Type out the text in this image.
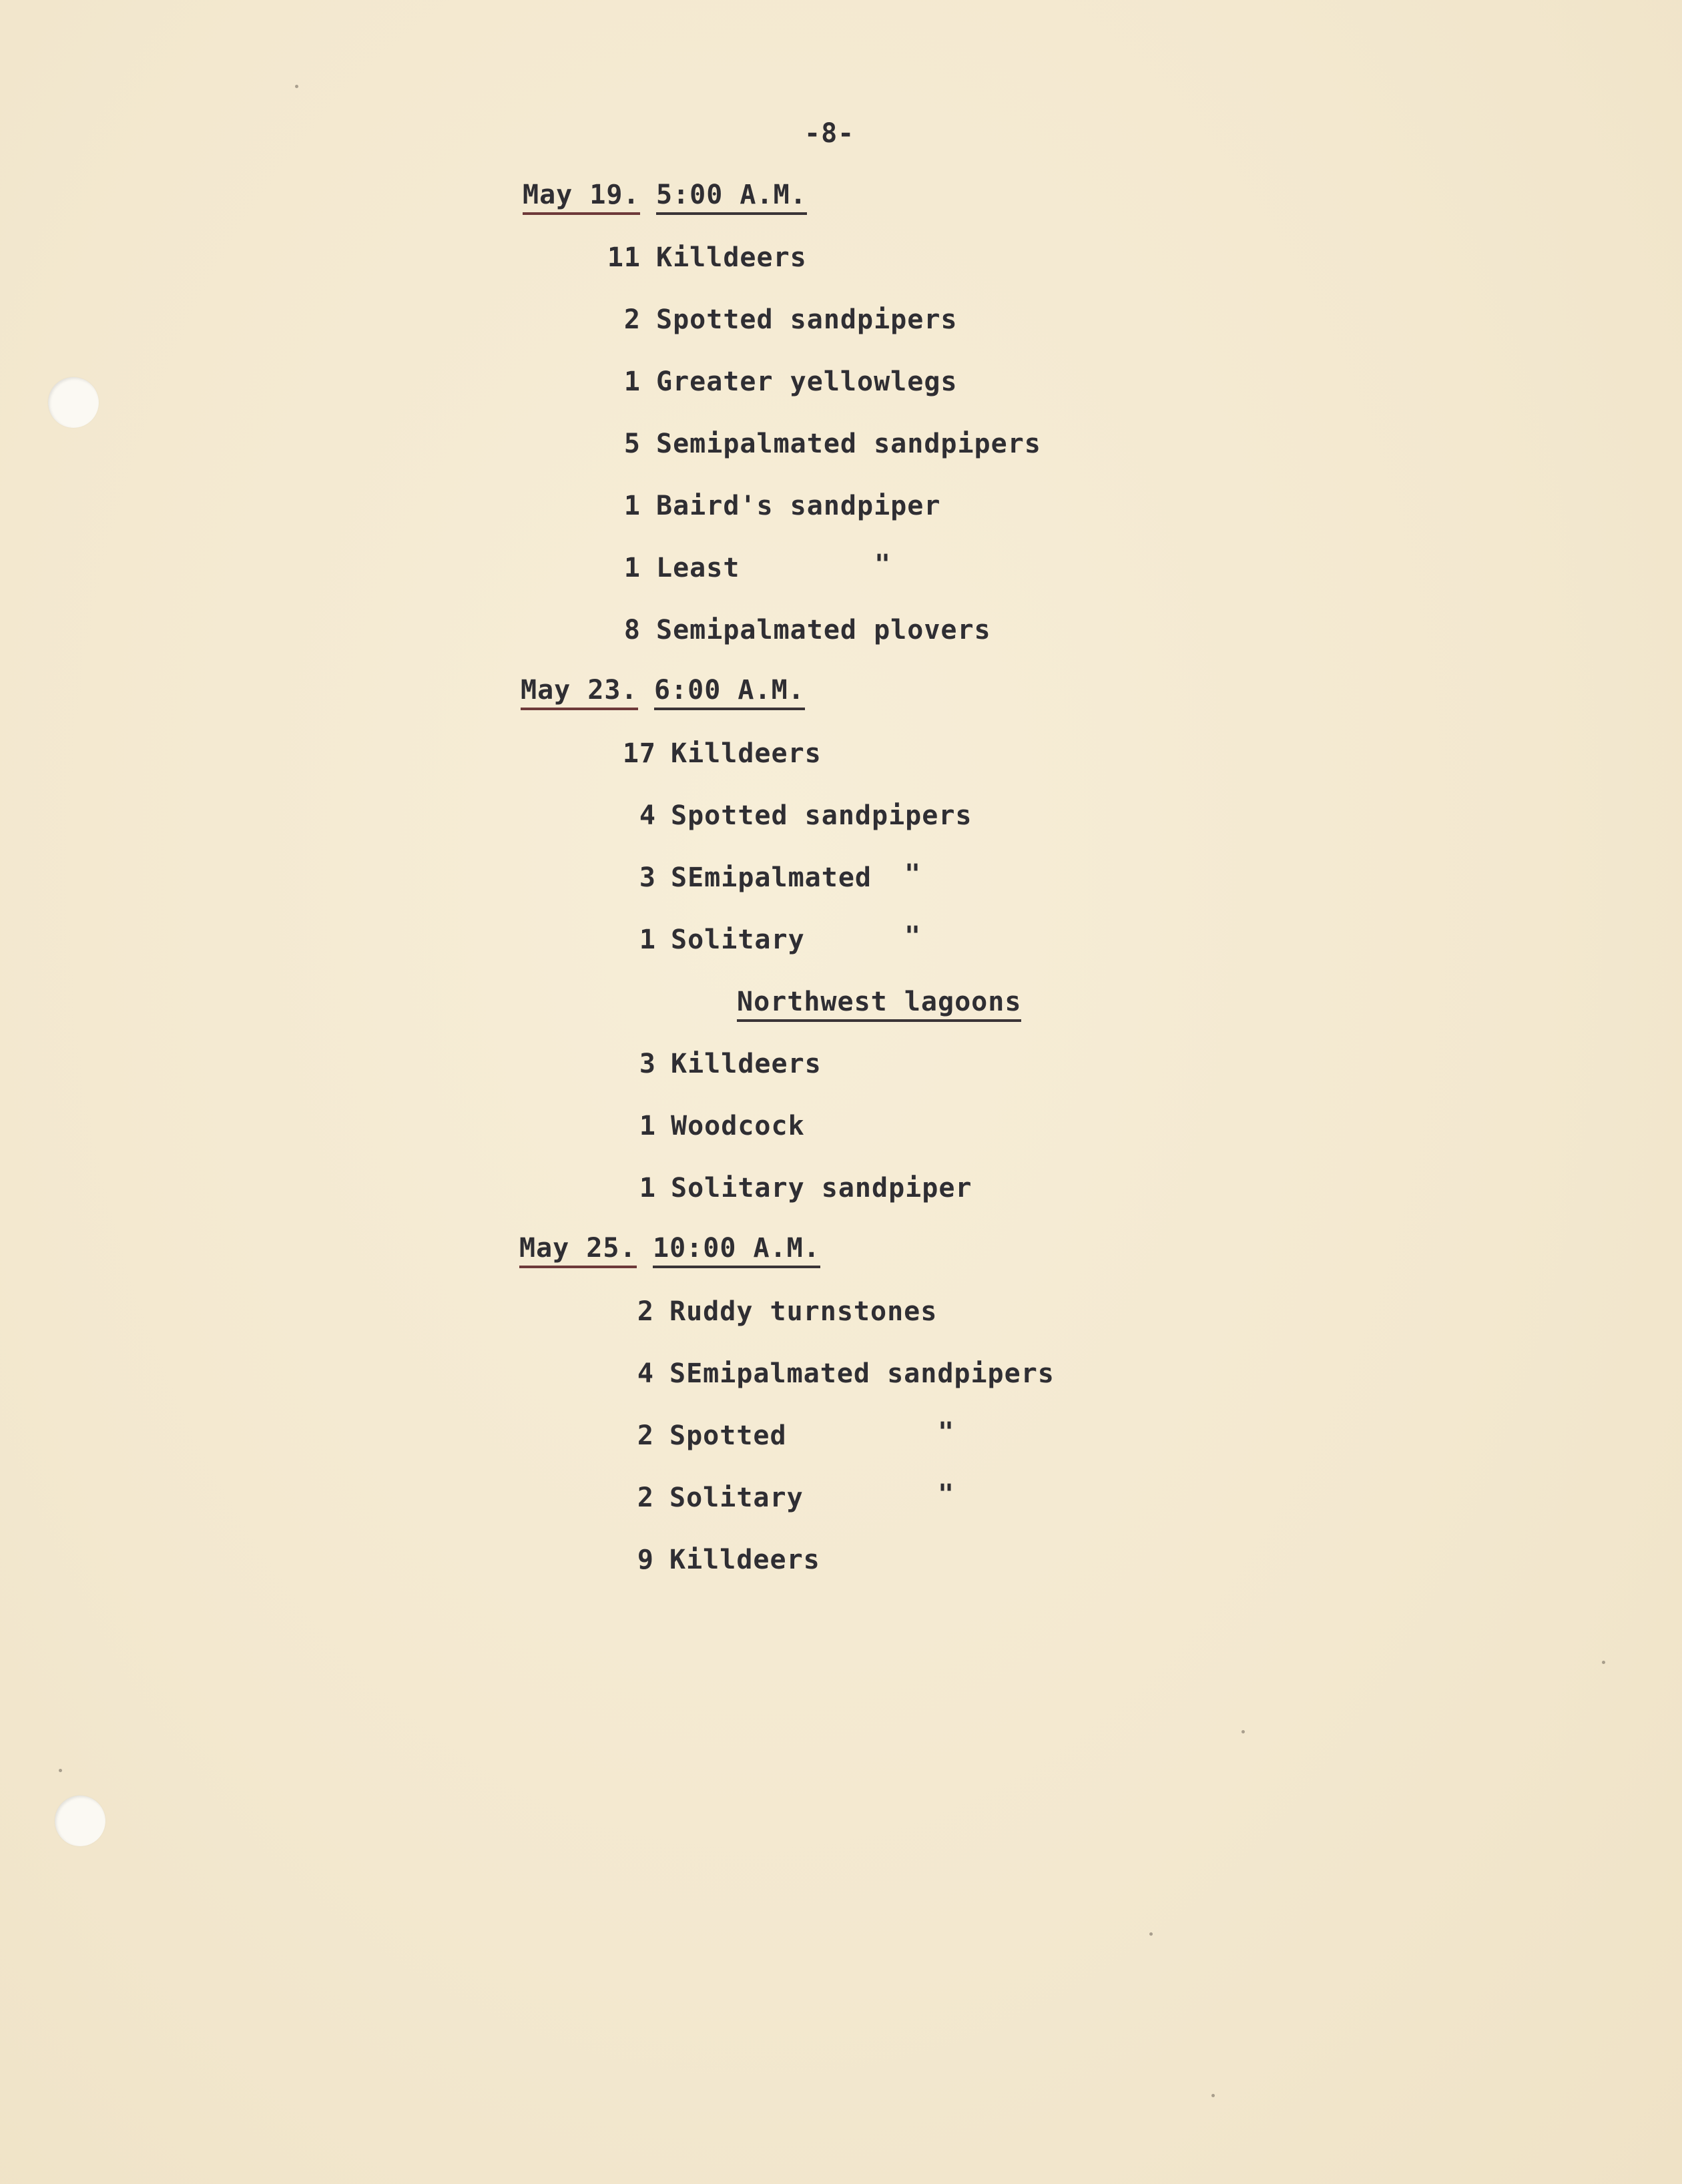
-8-
May 19. 5:00 A.M.
11 Killdeers
2 Spotted sandpipers
1 Greater yellowlegs
5 Semipalmated sandpipers
1 Baird's sandpiper
1 Least	"
8 Semipalmated plovers
May 23. 6:00 A.M.
17 Killdeers
4 Spotted sandpipers
3 SEmipalmated "
1 Solitary	"
Northwest lagoons
3 Killdeers
1 Woodcock
1 Solitary sandpiper
May 25. 10:00 A.M.
2 Ruddy turnstones
4 SEmipalmated sandpipers
2 Spotted	"
2 Solitary	"
9 Killdeers
